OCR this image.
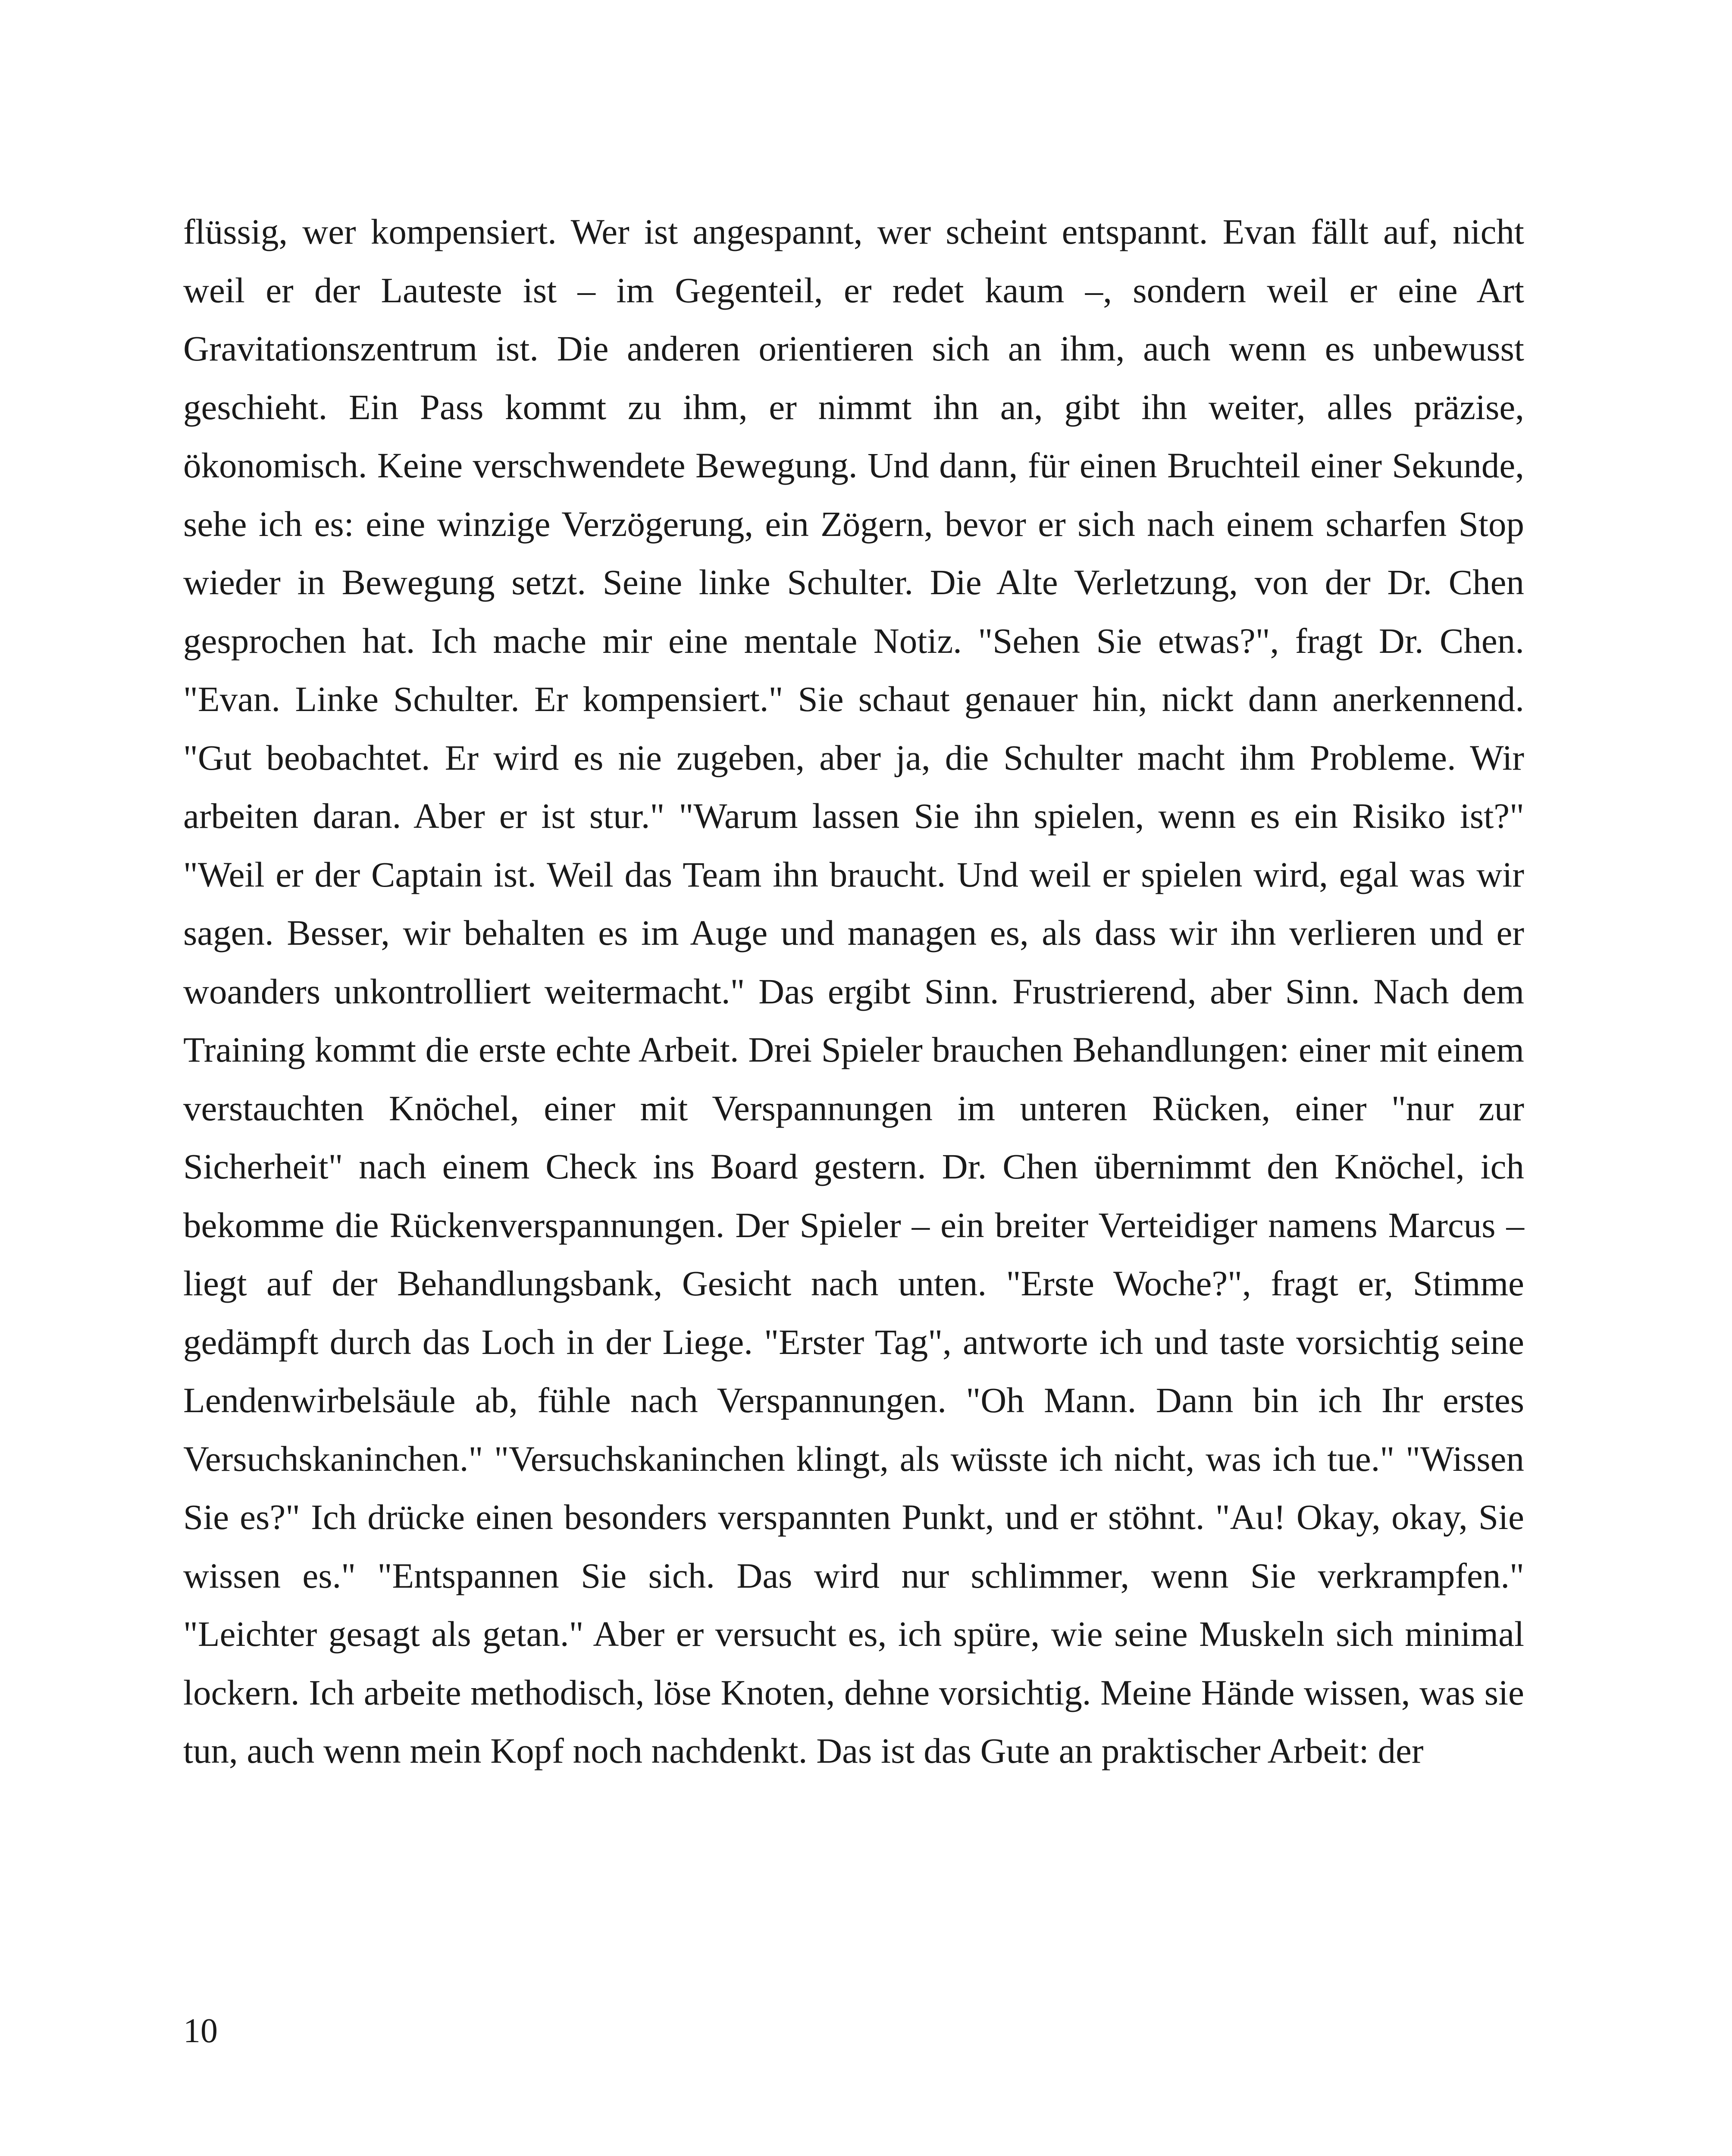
flüssig, wer kompensiert. Wer ist angespannt, wer scheint entspannt. Evan fällt auf, nicht weil er der Lauteste ist – im Gegenteil, er redet kaum –, sondern weil er eine Art Gravitationszentrum ist. Die anderen orientieren sich an ihm, auch wenn es unbewusst geschieht. Ein Pass kommt zu ihm, er nimmt ihn an, gibt ihn weiter, alles präzise, ökonomisch. Keine verschwendete Bewegung. Und dann, für einen Bruchteil einer Sekunde, sehe ich es: eine winzige Verzögerung, ein Zögern, bevor er sich nach einem scharfen Stop wieder in Bewegung setzt. Seine linke Schulter. Die Alte Verletzung, von der Dr. Chen gesprochen hat. Ich mache mir eine mentale Notiz. "Sehen Sie etwas?", fragt Dr. Chen. "Evan. Linke Schulter. Er kompensiert." Sie schaut genauer hin, nickt dann anerkennend. "Gut beobachtet. Er wird es nie zugeben, aber ja, die Schulter macht ihm Probleme. Wir arbeiten daran. Aber er ist stur." "Warum lassen Sie ihn spielen, wenn es ein Risiko ist?" "Weil er der Captain ist. Weil das Team ihn braucht. Und weil er spielen wird, egal was wir sagen. Besser, wir behalten es im Auge und managen es, als dass wir ihn verlieren und er woanders unkontrolliert weitermacht." Das ergibt Sinn. Frustrierend, aber Sinn. Nach dem Training kommt die erste echte Arbeit. Drei Spieler brauchen Behandlungen: einer mit einem verstauchten Knöchel, einer mit Verspannungen im unteren Rücken, einer "nur zur Sicherheit" nach einem Check ins Board gestern. Dr. Chen übernimmt den Knöchel, ich bekomme die Rückenverspannungen. Der Spieler – ein breiter Verteidiger namens Marcus – liegt auf der Behandlungsbank, Gesicht nach unten. "Erste Woche?", fragt er, Stimme gedämpft durch das Loch in der Liege. "Erster Tag", antworte ich und taste vorsichtig seine Lendenwirbelsäule ab, fühle nach Verspannungen. "Oh Mann. Dann bin ich Ihr erstes Versuchskaninchen." "Versuchskaninchen klingt, als wüsste ich nicht, was ich tue." "Wissen Sie es?" Ich drücke einen besonders verspannten Punkt, und er stöhnt. "Au! Okay, okay, Sie wissen es." "Entspannen Sie sich. Das wird nur schlimmer, wenn Sie verkrampfen." "Leichter gesagt als getan." Aber er versucht es, ich spüre, wie seine Muskeln sich minimal lockern. Ich arbeite methodisch, löse Knoten, dehne vorsichtig. Meine Hände wissen, was sie tun, auch wenn mein Kopf noch nachdenkt. Das ist das Gute an praktischer Arbeit: der

10
